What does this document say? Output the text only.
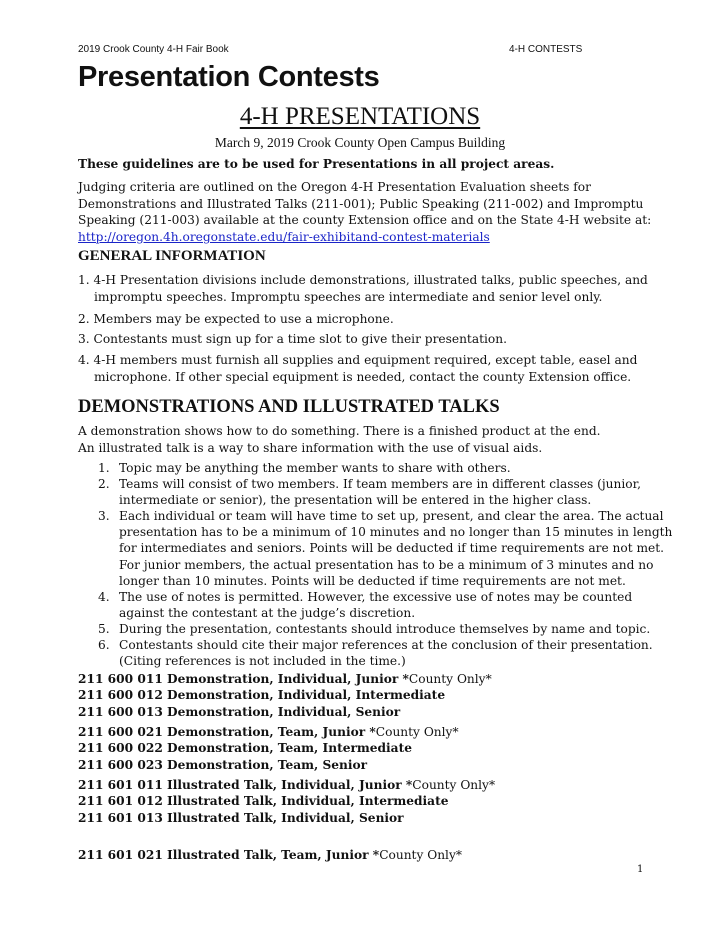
2019 Crook County 4-H Fair Book	4-H CONTESTS
Presentation Contests
4-H PRESENTATIONS
March 9, 2019 Crook County Open Campus Building
These guidelines are to be used for Presentations in all project areas.
Judging criteria are outlined on the Oregon 4-H Presentation Evaluation sheets for
Demonstrations and Illustrated Talks (211-001); Public Speaking (211-002) and Impromptu
Speaking (211-003) available at the county Extension office and on the State 4-H website at:
http://oregon.4h.oregonstate.edu/fair-exhibitand-contest-materials
GENERAL INFORMATION
1. 4-H Presentation divisions include demonstrations, illustrated talks, public speeches, and impromptu speeches. Impromptu speeches are intermediate and senior level only.
2. Members may be expected to use a microphone.
3. Contestants must sign up for a time slot to give their presentation.
4. 4-H members must furnish all supplies and equipment required, except table, easel and microphone. If other special equipment is needed, contact the county Extension office.
DEMONSTRATIONS AND ILLUSTRATED TALKS
A demonstration shows how to do something. There is a finished product at the end.
An illustrated talk is a way to share information with the use of visual aids.
1. Topic may be anything the member wants to share with others.
2. Teams will consist of two members. If team members are in different classes (junior, intermediate or senior), the presentation will be entered in the higher class.
3. Each individual or team will have time to set up, present, and clear the area. The actual presentation has to be a minimum of 10 minutes and no longer than 15 minutes in length for intermediates and seniors. Points will be deducted if time requirements are not met. For junior members, the actual presentation has to be a minimum of 3 minutes and no longer than 10 minutes. Points will be deducted if time requirements are not met.
4. The use of notes is permitted. However, the excessive use of notes may be counted against the contestant at the judge’s discretion.
5. During the presentation, contestants should introduce themselves by name and topic.
6. Contestants should cite their major references at the conclusion of their presentation. (Citing references is not included in the time.)
211 600 011 Demonstration, Individual, Junior *County Only*
211 600 012 Demonstration, Individual, Intermediate
211 600 013 Demonstration, Individual, Senior
211 600 021 Demonstration, Team, Junior *County Only*
211 600 022 Demonstration, Team, Intermediate
211 600 023 Demonstration, Team, Senior
211 601 011 Illustrated Talk, Individual, Junior *County Only*
211 601 012 Illustrated Talk, Individual, Intermediate
211 601 013 Illustrated Talk, Individual, Senior
211 601 021 Illustrated Talk, Team, Junior *County Only*
1
